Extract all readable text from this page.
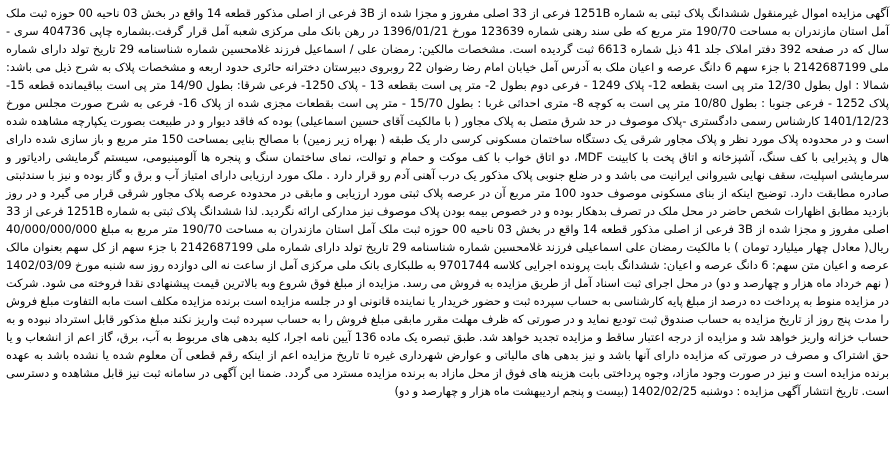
آگهی مزایده اموال غیرمنقول ششدانگ پلاک ثبتی به شماره 1251B فرعی از 33 اصلی مفروز و مجزا شده از 3B فرعی از اصلی مذکور قطعه 14 واقع در بخش 03 ناحیه 00 حوزه ثبت ملک آمل استان مازندران به مساحت 190/70 متر مربع که طی سند رهنی شماره 123639 مورخ 1396/01/21 در رهن بانک ملی مرکزی شعبه آمل قرار گرفت.بشماره چاپی 404736 سری - سال که در صفحه 392 دفتر املاک جلد 41 ذیل شماره 6613 ثبت گردیده است. مشخصات مالکین: رمضان علی / اسماعیل فرزند غلامحسین شماره شناسنامه 29 تاریخ تولد دارای شماره ملی 2142687199 با جزء سهم 6 دانگ عرصه و اعیان ملک به آدرس آمل خیابان امام رضا رضوان 22 روبروی دبیرستان دخترانه حائری حدود اربعه و مشخصات پلاک به شرح ذیل می باشد: شمالا : اول بطول 12/30 متر پی است بقطعه 12- پلاک 1249 - فرعی دوم بطول 2- متر پی است بقطعه 13 - پلاک 1250- فرعی شرقا: بطول 14/90 متر پی است بباقیمانده قطعه 15- پلاک 1252 - فرعی جنوبا : بطول 10/80 متر پی است به کوچه 8- متری احداثی غربا : بطول 15/70 - متر پی است بقطعات مجزی شده از پلاک 16- فرعی به شرح صورت مجلس مورخ 1401/12/23 کارشناس رسمی دادگستری -پلاک موصوف در حد شرق متصل به پلاک مجاور ( با مالکیت آقای حسین اسماعیلی) بوده که فاقد دیوار و در طبیعت بصورت یکپارچه مشاهده شده است و در محدوده پلاک مورد نظر و پلاک مجاور شرقی یک دستگاه ساختمان مسکونی کرسی دار یک طبقه ( بهراه زیر زمین) با مصالح بنایی بمساحت 150 متر مربع و باز سازی شده دارای هال و پذیرایی با کف سنگ، آشپزخانه و اتاق پخت با کابینت MDF، دو اتاق خواب با کف موکت و حمام و توالت، نمای ساختمان سنگ و پنجره ها آلومینیومی، سیستم گرمایشی رادیاتور و سرمایشی اسپلیت، سقف نهایی شیروانی ایرانیت می باشد و در ضلع جنوبی پلاک مذکور یک درب آهنی آدم رو قرار دارد . ملک مورد ارزیابی دارای امتیاز آب و برق و گاز بوده و نیز با سندثبتی صادره مطابقت دارد. توضیح اینکه از بنای مسکونی موصوف حدود 100 متر مربع آن در عرصه پلاک ثبتی مورد ارزیابی و مابقی در محدوده عرصه پلاک مجاور شرقی قرار می گیرد و در روز بازدید مطابق اظهارات شخص حاضر در محل ملک در تصرف بدهکار بوده و در خصوص بیمه بودن پلاک موصوف نیز مدارکی ارائه نگردید. لذا ششدانگ پلاک ثبتی به شماره 1251B فرعی از 33 اصلی مفروز و مجزا شده از 3B فرعی از اصلی مذکور قطعه 14 واقع در بخش 03 ناحیه 00 حوزه ثبت ملک آمل استان مازندران به مساحت 190/70 متر مربع به مبلغ 40/000/000/000 ریال( معادل چهار میلیارد تومان ) با مالکیت رمضان علی اسماعیلی فرزند غلامحسین شماره شناسنامه 29 تاریخ تولد دارای شماره ملی 2142687199 با جزء سهم از کل سهم بعنوان مالک عرصه و اعیان متن سهم: 6 دانگ عرصه و اعیان: ششدانگ بابت پرونده اجرایی کلاسه 9701744 به طلبکاری بانک ملی مرکزی آمل از ساعت نه الی دوازده روز سه شنبه مورخ 1402/03/09 ( نهم خرداد ماه هزار و چهارصد و دو) در محل اجرای ثبت اسناد آمل از طریق مزایده به فروش می رسد. مزایده از مبلغ فوق شروع وبه بالاترین قیمت پیشنهادی نقدا فروخته می شود. شرکت در مزایده منوط به پرداخت ده درصد از مبلغ پایه کارشناسی به حساب سپرده ثبت و حضور خریدار یا نماینده قانونی او در جلسه مزایده است برنده مزایده مکلف است مابه التفاوت مبلغ فروش را مدت پنج روز از تاریخ مزایده به حساب صندوق ثبت تودیع نماید و در صورتی که ظرف مهلت مقرر مابقی مبلغ فروش را به حساب سپرده ثبت واریز نکند مبلغ مذکور قابل استرداد نبوده و به حساب خزانه واریز خواهد شد و مزایده از درجه اعتبار ساقط و مزایده تجدید خواهد شد. طبق تبصره یک ماده 136 آیین نامه اجرا، کلیه بدهی های مربوط به آب، برق، گاز اعم از انشعاب و یا حق اشتراک و مصرف در صورتی که مزایده دارای آنها باشد و نیز بدهی های مالیاتی و عوارض شهرداری غیره تا تاریخ مزایده اعم از اینکه رقم قطعی آن معلوم شده یا نشده باشد به عهده برنده مزایده است و نیز در صورت وجود مازاد، وجوه پرداختی بابت هزینه های فوق از محل مازاد به برنده مزایده مسترد می گردد. ضمنا این آگهی در سامانه ثبت نیز قابل مشاهده و دسترسی است. تاریخ انتشار آگهی مزایده : دوشنبه 1402/02/25 (بیست و پنجم اردیبهشت ماه هزار و چهارصد و دو)
